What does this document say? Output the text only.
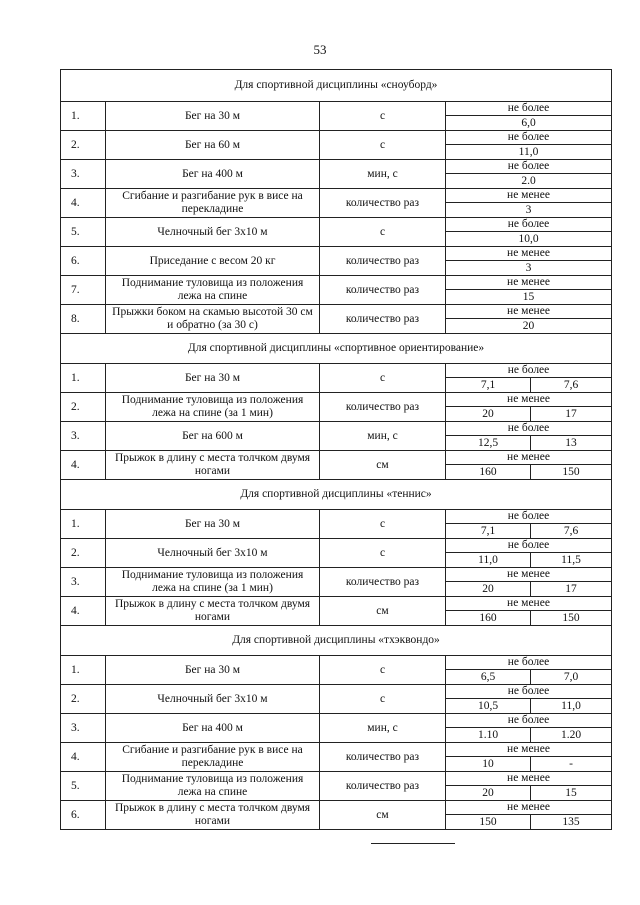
53
Для спортивной дисциплины «сноуборд»				
1.	Бег на 30 м	с	не более	
			6,0	
2.	Бег на 60 м	с	не более	
			11,0	
3.	Бег на 400 м	мин, с	не более	
			2.0	
4.	Сгибание и разгибание рук в висе на перекладине	количество раз	не менее	
			3	
5.	Челночный бег 3х10 м	с	не более	
			10,0	
6.	Приседание с весом 20 кг	количество раз	не менее	
			3	
7.	Поднимание туловища из положения лежа на спине	количество раз	не менее	
			15	
8.	Прыжки боком на скамью высотой 30 см и обратно (за 30 с)	количество раз	не менее	
			20	
Для спортивной дисциплины «спортивное ориентирование»				
1.	Бег на 30 м	с	не более	
			7,1	7,6
2.	Поднимание туловища из положения лежа на спине (за 1 мин)	количество раз	не менее	
			20	17
3.	Бег на 600 м	мин, с	не более	
			12,5	13
4.	Прыжок в длину с места толчком двумя ногами	см	не менее	
			160	150
Для спортивной дисциплины «теннис»				
1.	Бег на 30 м	с	не более	
			7,1	7,6
2.	Челночный бег 3х10 м	с	не более	
			11,0	11,5
3.	Поднимание туловища из положения лежа на спине (за 1 мин)	количество раз	не менее	
			20	17
4.	Прыжок в длину с места толчком двумя ногами	см	не менее	
			160	150
Для спортивной дисциплины «тхэквондо»				
1.	Бег на 30 м	с	не более	
			6,5	7,0
2.	Челночный бег 3х10 м	с	не более	
			10,5	11,0
3.	Бег на 400 м	мин, с	не более	
			1.10	1.20
4.	Сгибание и разгибание рук в висе на перекладине	количество раз	не менее	
			10	-
5.	Поднимание туловища из положения лежа на спине	количество раз	не менее	
			20	15
6.	Прыжок в длину с места толчком двумя ногами	см	не менее	
			150	135
